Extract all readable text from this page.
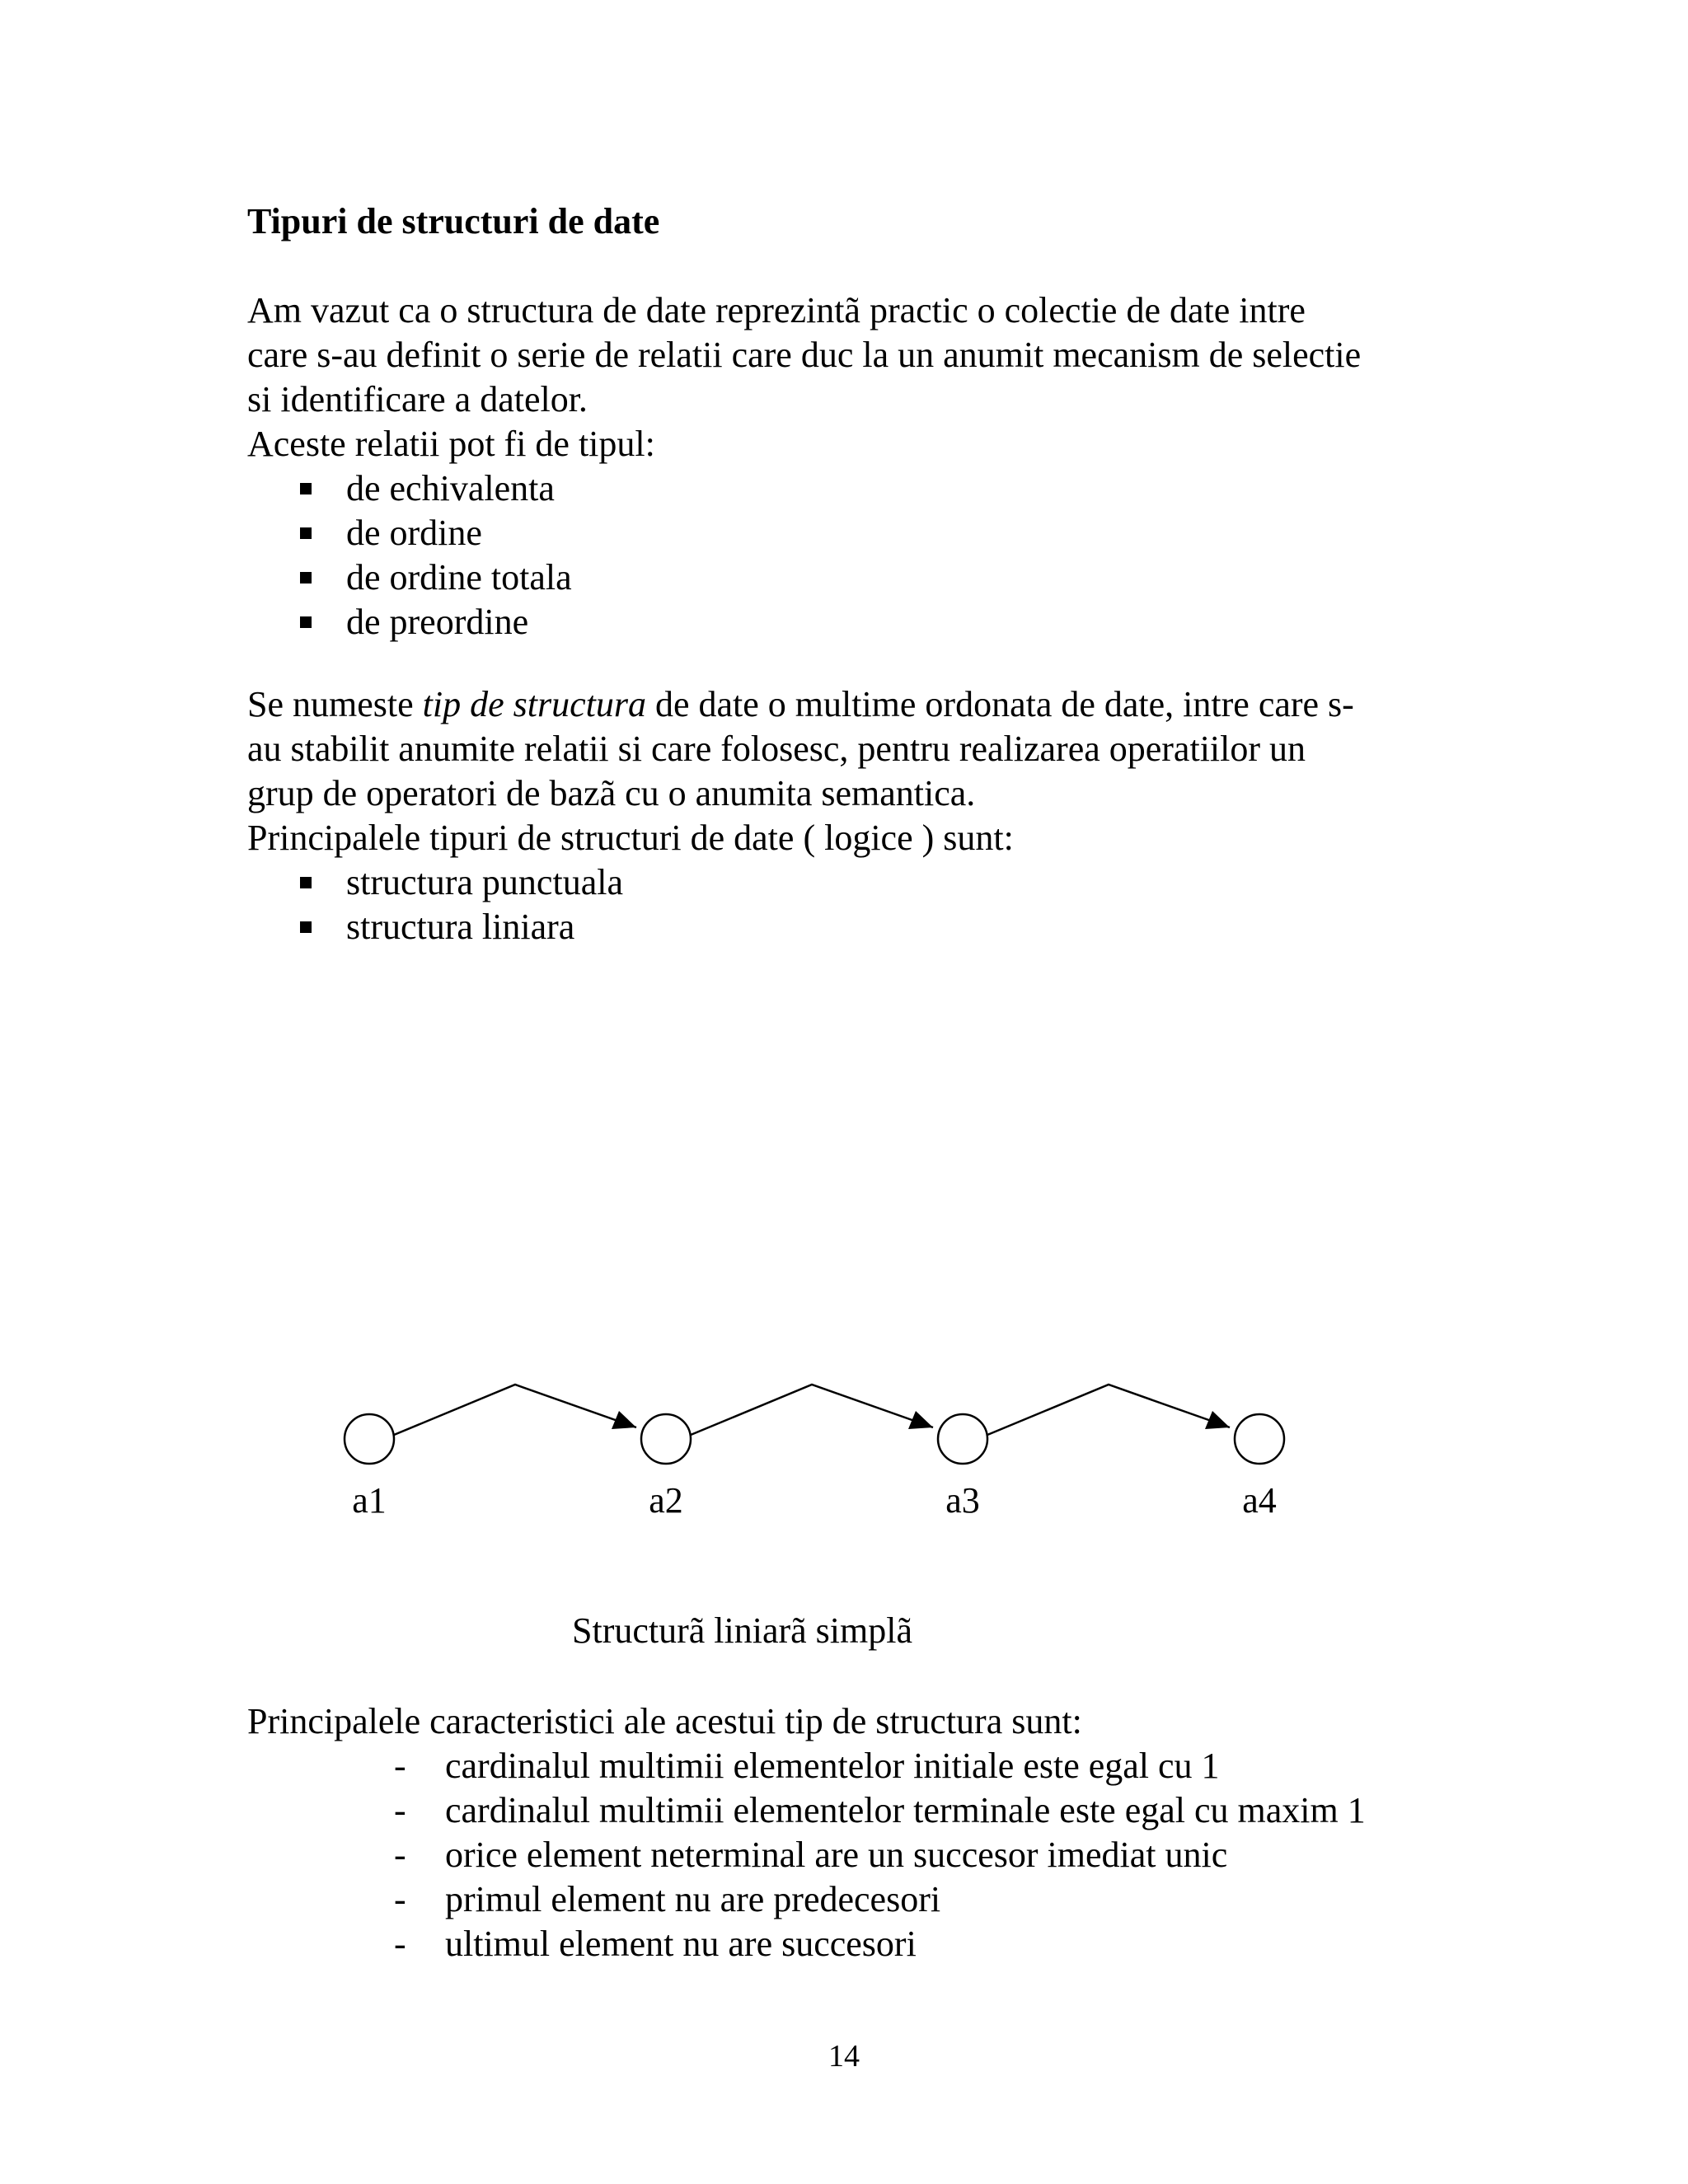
Tipuri de structuri de date

Am vazut ca o structura de date reprezintã practic o colectie de date intre

care s-au definit o serie de relatii care duc la un anumit mecanism de selectie

si identificare a datelor.

Aceste relatii pot fi de tipul:

de echivalenta
de ordine
de ordine totala
de preordine

Se numeste tip de structura de date o multime ordonata de date, intre care s-

au stabilit anumite relatii si care folosesc, pentru realizarea operatiilor un

grup de operatori de bazã cu o anumita semantica.

Principalele tipuri de structuri de date ( logice ) sunt:

structura punctuala
structura liniara
a1	a2	a3	a4
Structurã liniarã simplã

Principalele caracteristici ale acestui tip de structura sunt:

- cardinalul multimii elementelor initiale este egal cu 1
- cardinalul multimii elementelor terminale este egal cu maxim 1
- orice element neterminal are un succesor imediat unic
- primul element nu are predecesori
- ultimul element nu are succesori
14
